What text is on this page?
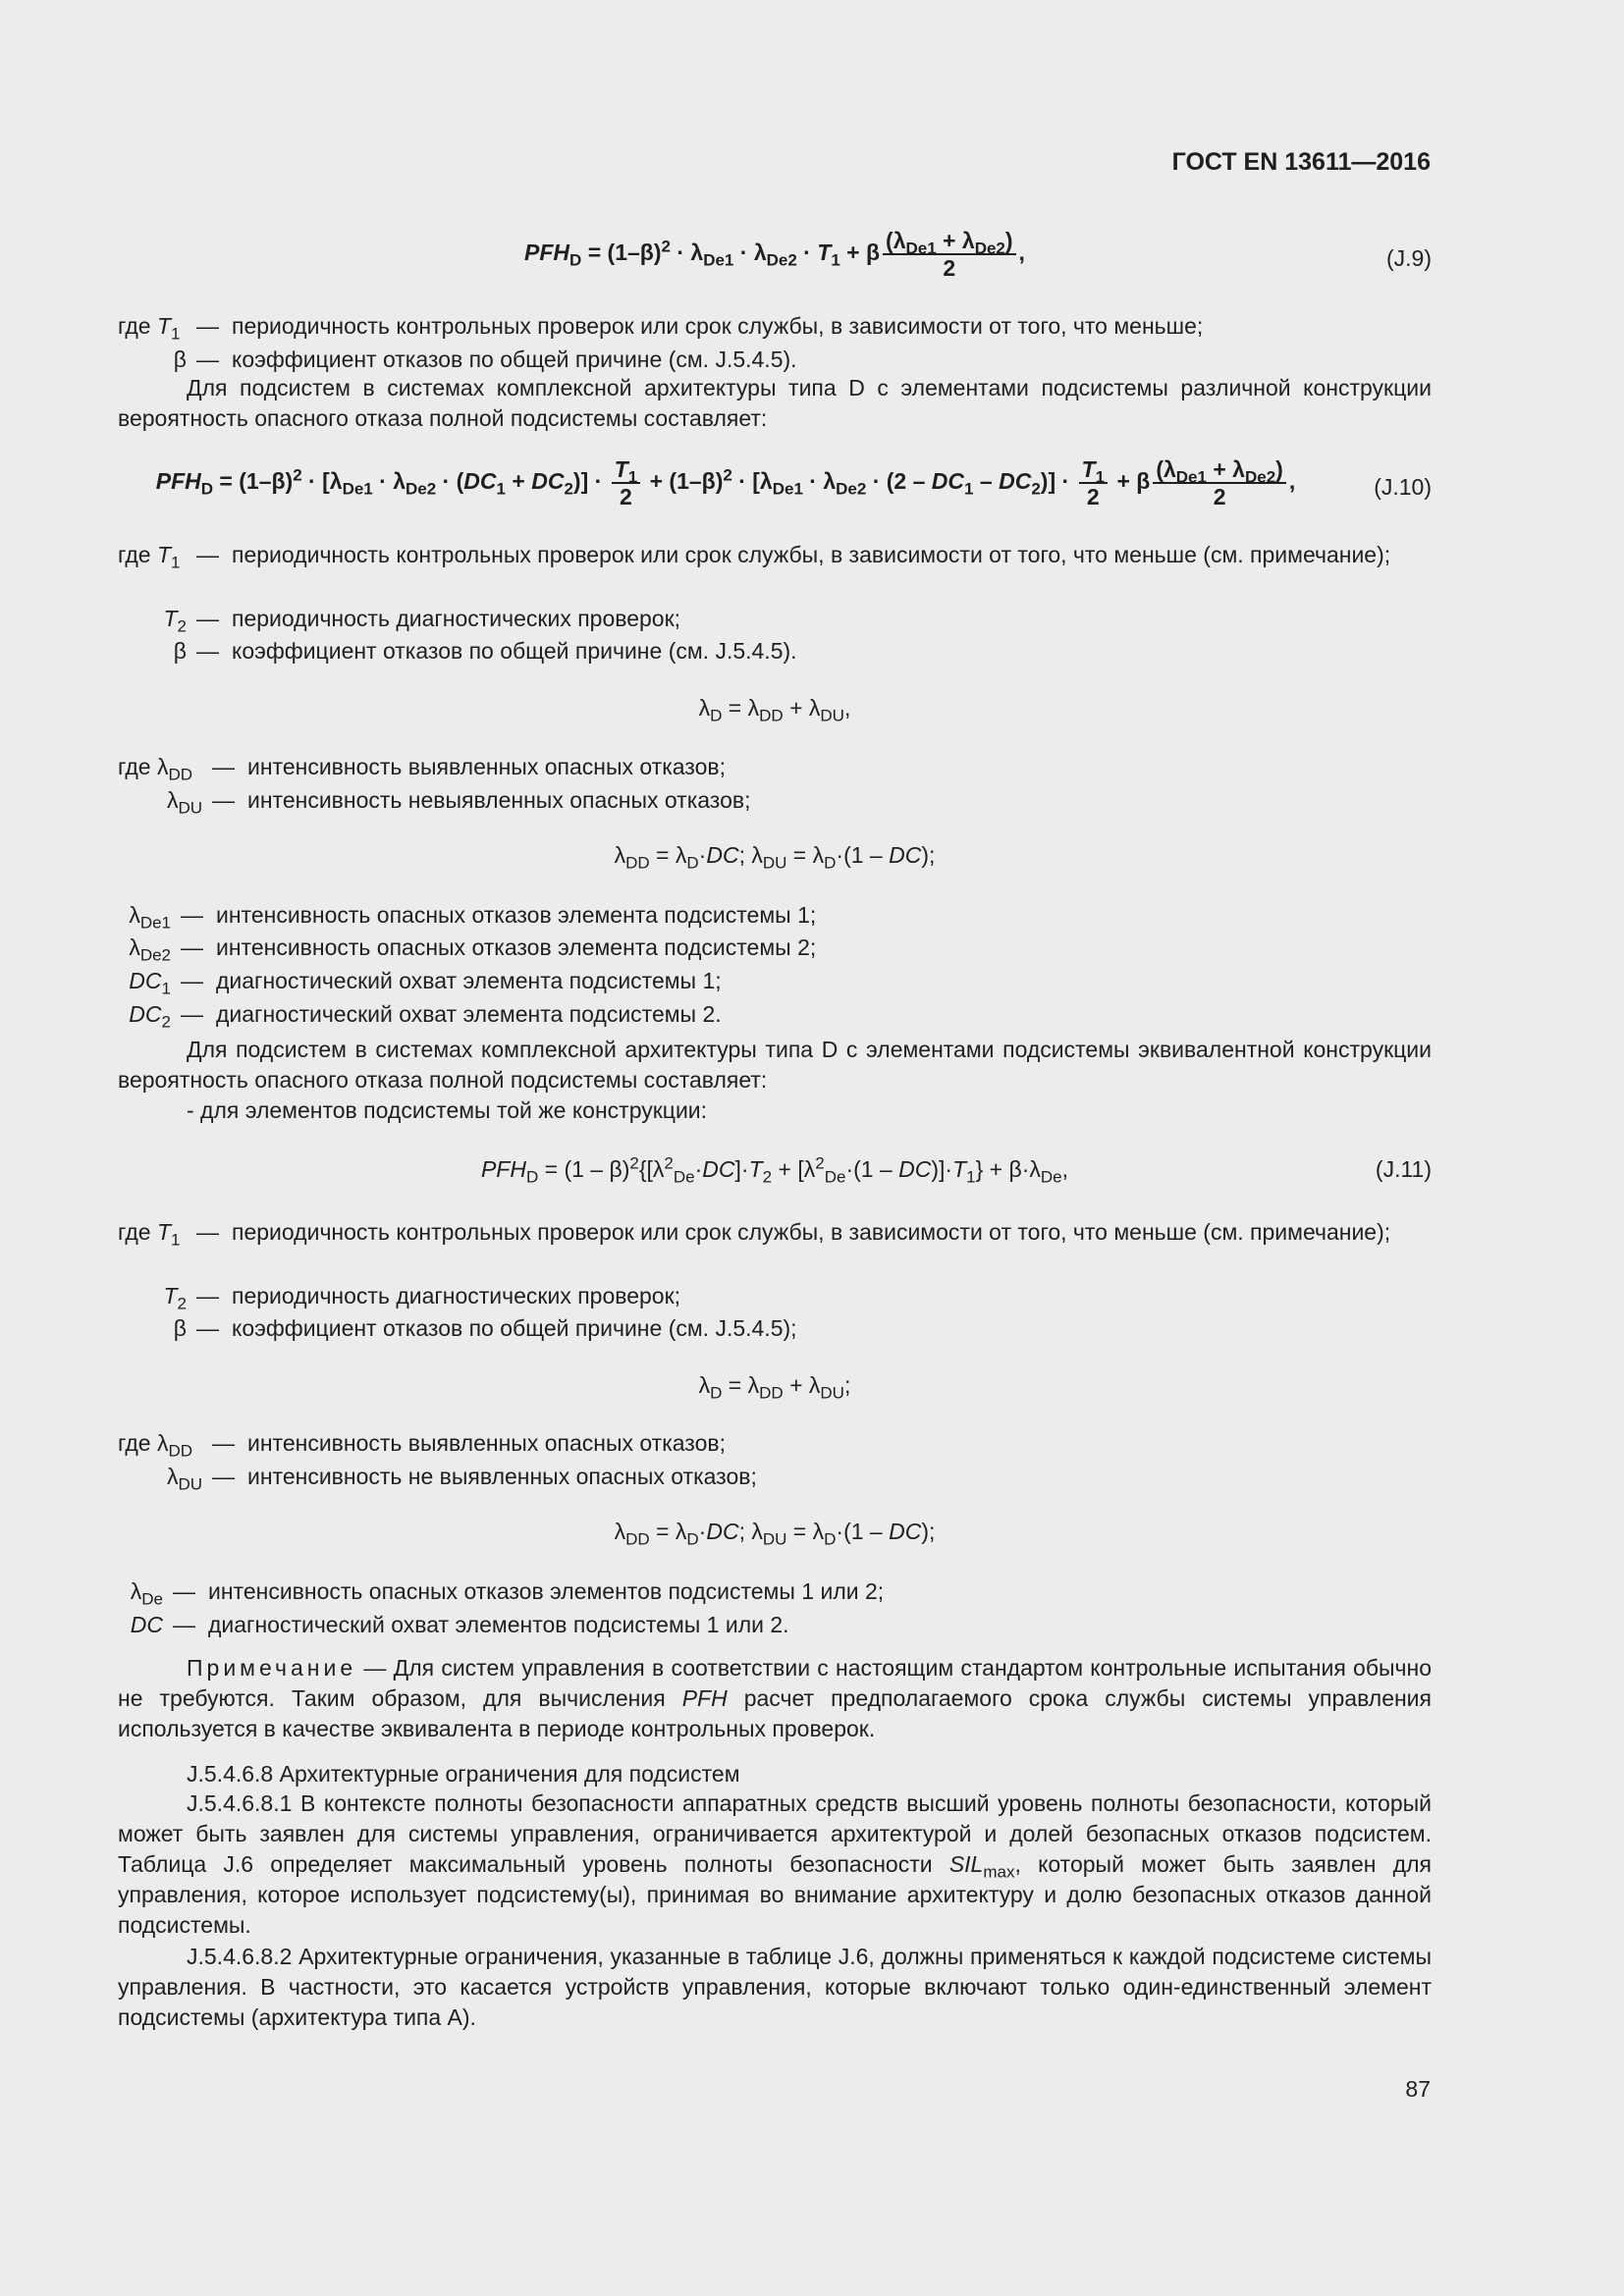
ГОСТ EN 13611—2016
$PFH_D = (1-\beta)^2 \cdot \lambda_{De1} \cdot \lambda_{De2} \cdot T_1 + \beta \frac{(\lambda_{De1} + \lambda_{De2})}{2}$ ,	(J.9)
где $T_1$ — периодичность контрольных проверок или срок службы, в зависимости от того, что меньше;
β — коэффициент отказов по общей причине (см. J.5.4.5).
Для подсистем в системах комплексной архитектуры типа D с элементами подсистемы различной конструкции вероятность опасного отказа полной подсистемы составляет:
$PFH_D = (1-\beta)^2 \cdot [\lambda_{De1} \cdot \lambda_{De2} \cdot (DC_1 + DC_2)] \cdot \frac{T_1}{2} + (1-\beta)^2 \cdot [\lambda_{De1} \cdot \lambda_{De2} \cdot (2 - DC_1 - DC_2)] \cdot \frac{T_1}{2} + \beta \frac{(\lambda_{De1} + \lambda_{De2})}{2}$ ,	(J.10)
где $T_1$ — периодичность контрольных проверок или срок службы, в зависимости от того, что меньше (см. примечание);
$T_2$ — периодичность диагностических проверок;
β — коэффициент отказов по общей причине (см. J.5.4.5).
$\lambda_D = \lambda_{DD} + \lambda_{DU}$,
где $\lambda_{DD}$ — интенсивность выявленных опасных отказов;
$\lambda_{DU}$ — интенсивность невыявленных опасных отказов;
$\lambda_{DD} = \lambda_D\cdot DC$; $\lambda_{DU} = \lambda_D\cdot(1 - DC)$;
$\lambda_{De1}$ — интенсивность опасных отказов элемента подсистемы 1;
$\lambda_{De2}$ — интенсивность опасных отказов элемента подсистемы 2;
$DC_1$ — диагностический охват элемента подсистемы 1;
$DC_2$ — диагностический охват элемента подсистемы 2.
Для подсистем в системах комплексной архитектуры типа D с элементами подсистемы эквивалентной конструкции вероятность опасного отказа полной подсистемы составляет:
- для элементов подсистемы той же конструкции:
$PFH_D = (1 - \beta)^2\{[\lambda^2_{De}\cdot DC]\cdot T_2 + [\lambda^2_{De}\cdot(1 - DC)]\cdot T_1\} + \beta\cdot\lambda_{De}$,	(J.11)
где $T_1$ — периодичность контрольных проверок или срок службы, в зависимости от того, что меньше (см. примечание);
$T_2$ — периодичность диагностических проверок;
β — коэффициент отказов по общей причине (см. J.5.4.5);
$\lambda_D = \lambda_{DD} + \lambda_{DU}$;
где $\lambda_{DD}$ — интенсивность выявленных опасных отказов;
$\lambda_{DU}$ — интенсивность не выявленных опасных отказов;
$\lambda_{DD} = \lambda_D\cdot DC$; $\lambda_{DU} = \lambda_D\cdot(1 - DC)$;
$\lambda_{De}$ — интенсивность опасных отказов элементов подсистемы 1 или 2;
DC — диагностический охват элементов подсистемы 1 или 2.
Примечание — Для систем управления в соответствии с настоящим стандартом контрольные испытания обычно не требуются. Таким образом, для вычисления PFH расчет предполагаемого срока службы системы управления используется в качестве эквивалента в периоде контрольных проверок.
J.5.4.6.8 Архитектурные ограничения для подсистем
J.5.4.6.8.1 В контексте полноты безопасности аппаратных средств высший уровень полноты безопасности, который может быть заявлен для системы управления, ограничивается архитектурой и долей безопасных отказов подсистем. Таблица J.6 определяет максимальный уровень полноты безопасности $SIL_{max}$, который может быть заявлен для управления, которое использует подсистему(ы), принимая во внимание архитектуру и долю безопасных отказов данной подсистемы.
J.5.4.6.8.2 Архитектурные ограничения, указанные в таблице J.6, должны применяться к каждой подсистеме системы управления. В частности, это касается устройств управления, которые включают только один-единственный элемент подсистемы (архитектура типа А).
87
